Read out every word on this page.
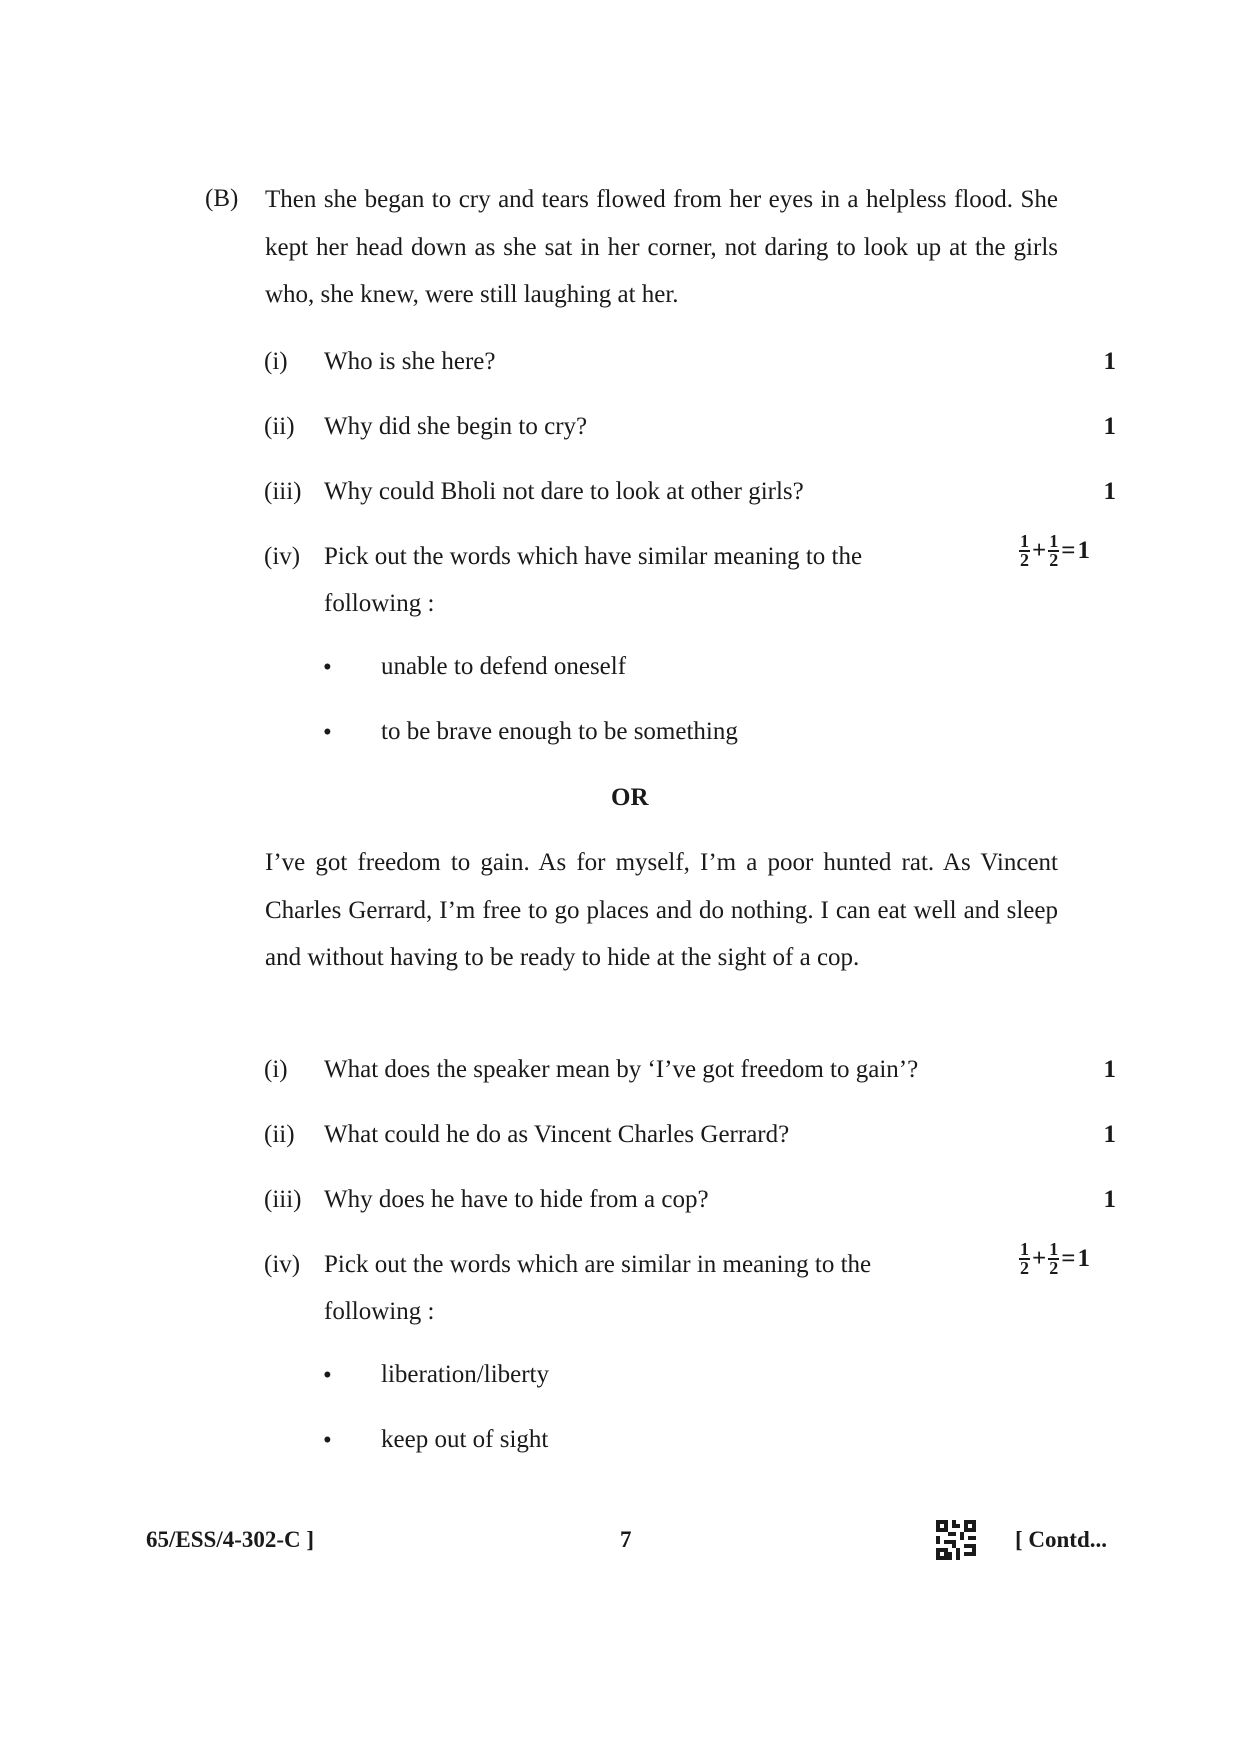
(B) Then she began to cry and tears flowed from her eyes in a helpless flood. She kept her head down as she sat in her corner, not daring to look up at the girls who, she knew, were still laughing at her.
(i) Who is she here?	1
(ii) Why did she begin to cry?	1
(iii) Why could Bholi not dare to look at other girls?	1
(iv) Pick out the words which have similar meaning to the
following :
$\frac{1}{2} + \frac{1}{2} = 1$
• unable to defend oneself
• to be brave enough to be something
OR
I’ve got freedom to gain. As for myself, I’m a poor hunted rat. As Vincent Charles Gerrard, I’m free to go places and do nothing. I can eat well and sleep and without having to be ready to hide at the sight of a cop.
(i) What does the speaker mean by ‘I’ve got freedom to gain’?	1
(ii) What could he do as Vincent Charles Gerrard?	1
(iii) Why does he have to hide from a cop?	1
(iv) Pick out the words which are similar in meaning to the
following :
$\frac{1}{2} + \frac{1}{2} = 1$
• liberation/liberty
• keep out of sight
65/ESS/4-302-C ]	7	[ Contd...
